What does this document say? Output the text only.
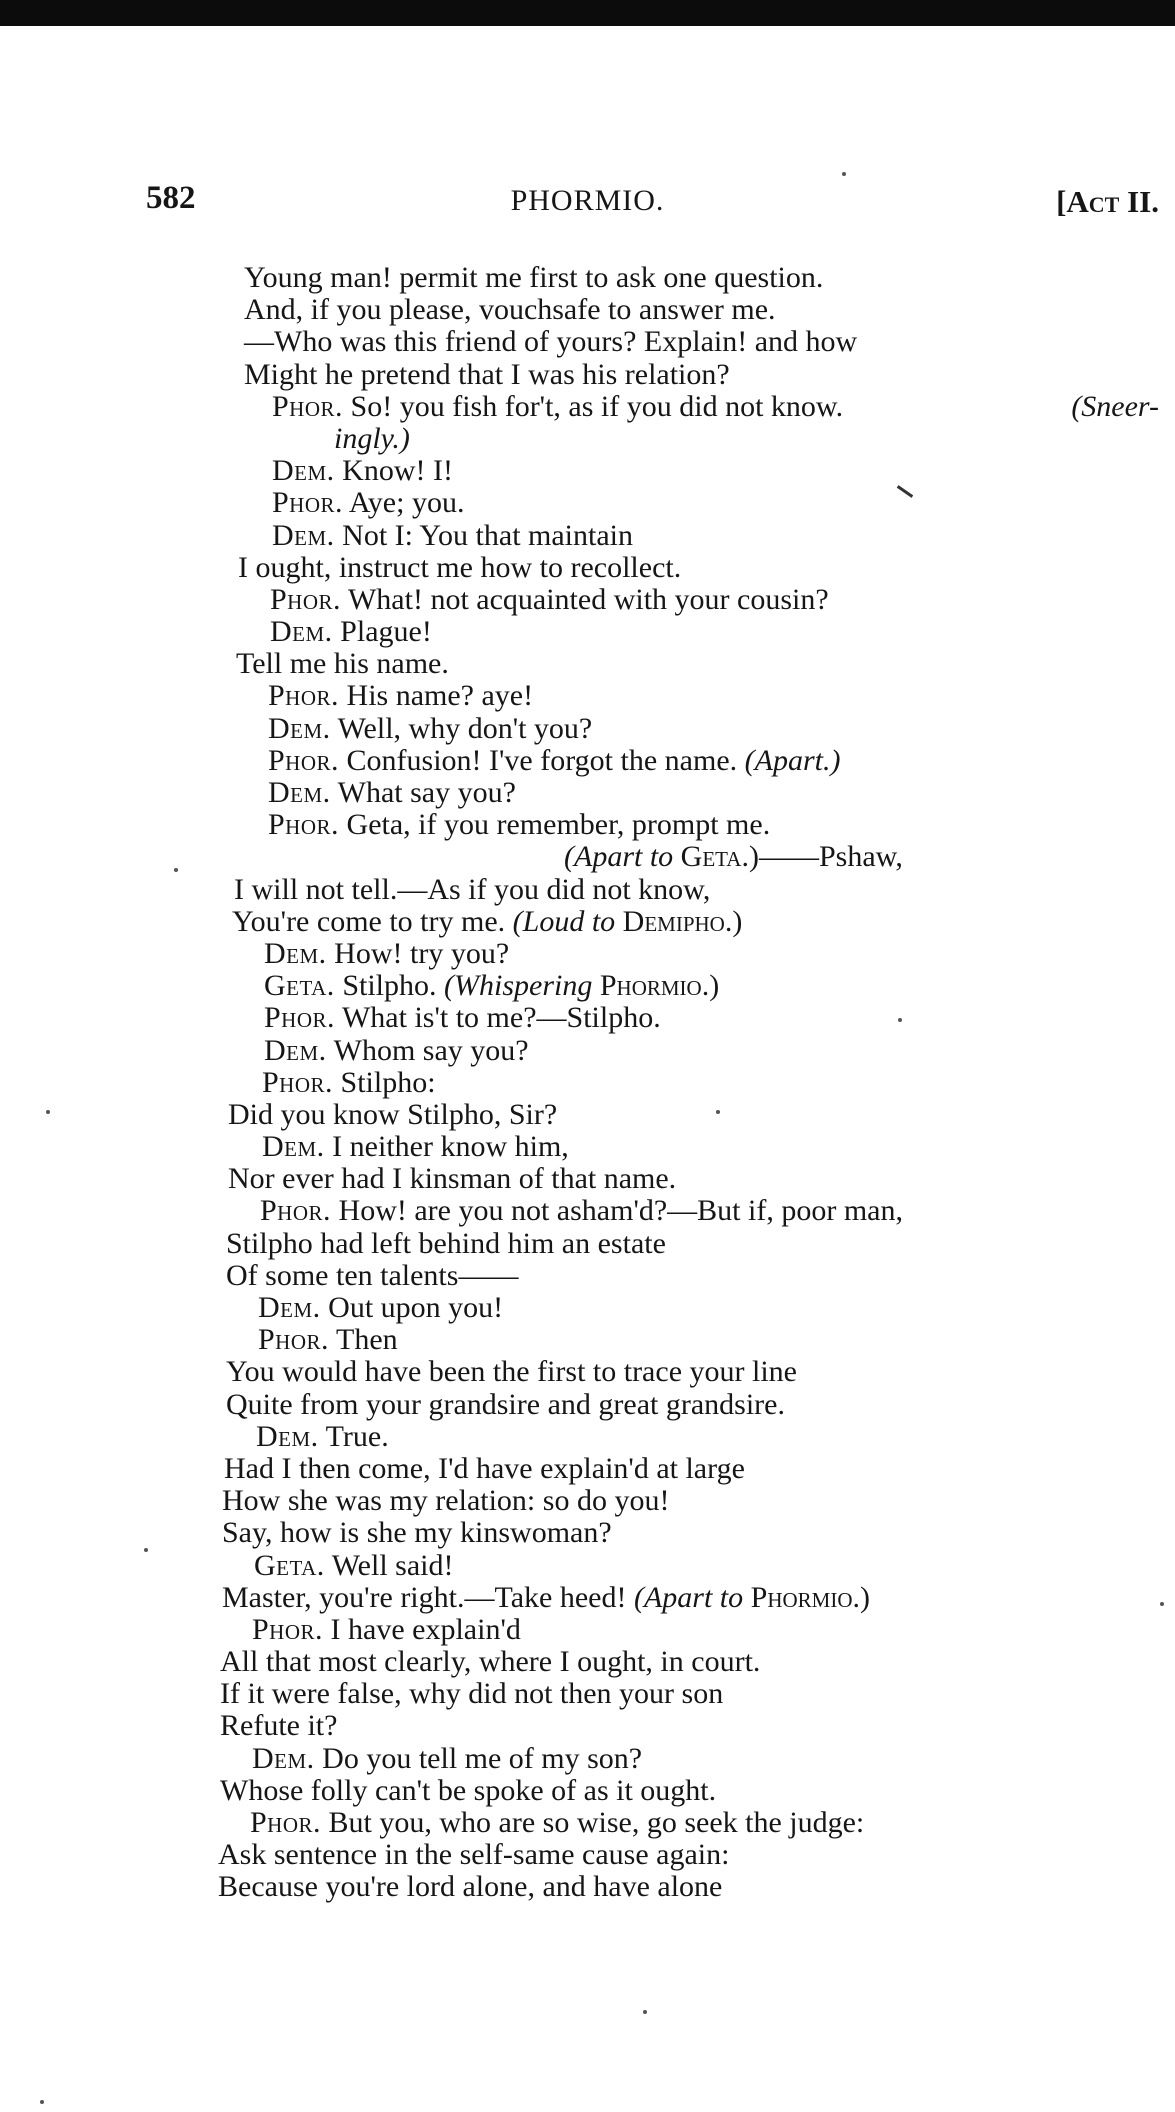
582	PHORMIO.	[Act II.
Young man! permit me first to ask one question.
And, if you please, vouchsafe to answer me.
—Who was this friend of yours? Explain! and how
Might he pretend that I was his relation?
Phor. So! you fish for't, as if you did not know.	(Sneer-
ingly.)
Dem. Know! I!
Phor. Aye; you.
Dem. Not I: You that maintain
I ought, instruct me how to recollect.
Phor. What! not acquainted with your cousin?
Dem. Plague!
Tell me his name.
Phor. His name? aye!
Dem. Well, why don't you?
Phor. Confusion! I've forgot the name. (Apart.)
Dem. What say you?
Phor. Geta, if you remember, prompt me.
(Apart to Geta.)——Pshaw,
I will not tell.—As if you did not know,
You're come to try me. (Loud to Demipho.)
Dem. How! try you?
Geta. Stilpho. (Whispering Phormio.)
Phor. What is't to me?—Stilpho.
Dem. Whom say you?
Phor. Stilpho:
Did you know Stilpho, Sir?
Dem. I neither know him,
Nor ever had I kinsman of that name.
Phor. How! are you not asham'd?—But if, poor man,
Stilpho had left behind him an estate
Of some ten talents——
Dem. Out upon you!
Phor. Then
You would have been the first to trace your line
Quite from your grandsire and great grandsire.
Dem. True.
Had I then come, I'd have explain'd at large
How she was my relation: so do you!
Say, how is she my kinswoman?
Geta. Well said!
Master, you're right.—Take heed! (Apart to Phormio.)
Phor. I have explain'd
All that most clearly, where I ought, in court.
If it were false, why did not then your son
Refute it?
Dem. Do you tell me of my son?
Whose folly can't be spoke of as it ought.
Phor. But you, who are so wise, go seek the judge:
Ask sentence in the self-same cause again:
Because you're lord alone, and have alone
